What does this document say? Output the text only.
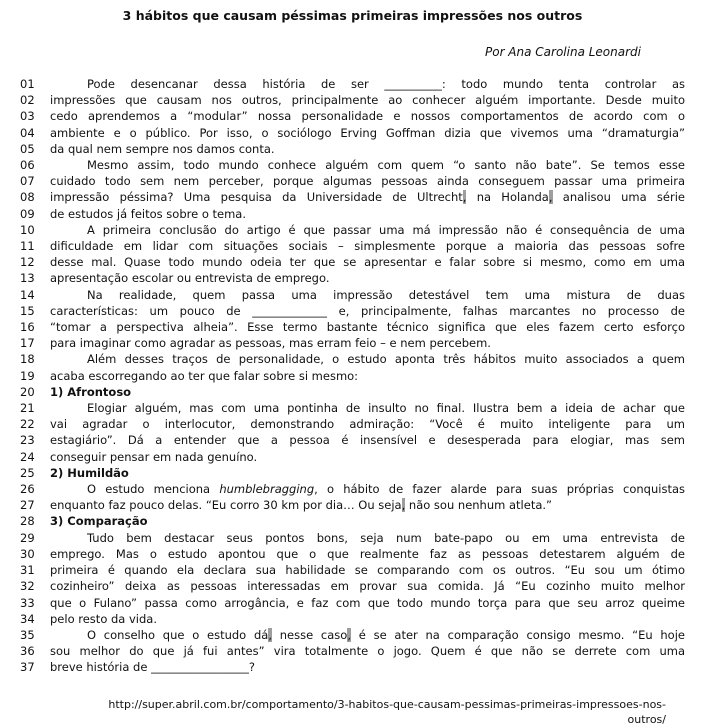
3 hábitos que causam péssimas primeiras impressões nos outros
Por Ana Carolina Leonardi
01	Pode desencanar dessa história de ser __________: todo mundo tenta controlar as
02	impressões que causam nos outros, principalmente ao conhecer alguém importante. Desde muito
03	cedo aprendemos a “modular” nossa personalidade e nossos comportamentos de acordo com o
04	ambiente e o público. Por isso, o sociólogo Erving Goffman dizia que vivemos uma “dramaturgia”
05	da qual nem sempre nos damos conta.
06	Mesmo assim, todo mundo conhece alguém com quem “o santo não bate”. Se temos esse
07	cuidado todo sem nem perceber, porque algumas pessoas ainda conseguem passar uma primeira
08	impressão péssima? Uma pesquisa da Universidade de Ultrecht, na Holanda, analisou uma série
09	de estudos já feitos sobre o tema.
10	A primeira conclusão do artigo é que passar uma má impressão não é consequência de uma
11	dificuldade em lidar com situações sociais – simplesmente porque a maioria das pessoas sofre
12	desse mal. Quase todo mundo odeia ter que se apresentar e falar sobre si mesmo, como em uma
13	apresentação escolar ou entrevista de emprego.
14	Na realidade, quem passa uma impressão detestável tem uma mistura de duas
15	características: um pouco de _____________ e, principalmente, falhas marcantes no processo de
16	“tomar a perspectiva alheia”. Esse termo bastante técnico significa que eles fazem certo esforço
17	para imaginar como agradar as pessoas, mas erram feio – e nem percebem.
18	Além desses traços de personalidade, o estudo aponta três hábitos muito associados a quem
19	acaba escorregando ao ter que falar sobre si mesmo:
20	1) Afrontoso
21	Elogiar alguém, mas com uma pontinha de insulto no final. Ilustra bem a ideia de achar que
22	vai agradar o interlocutor, demonstrando admiração: “Você é muito inteligente para um
23	estagiário”. Dá a entender que a pessoa é insensível e desesperada para elogiar, mas sem
24	conseguir pensar em nada genuíno.
25	2) Humildão
26	O estudo menciona humblebragging, o hábito de fazer alarde para suas próprias conquistas
27	enquanto faz pouco delas. “Eu corro 30 km por dia… Ou seja, não sou nenhum atleta.”
28	3) Comparação
29	Tudo bem destacar seus pontos bons, seja num bate-papo ou em uma entrevista de
30	emprego. Mas o estudo apontou que o que realmente faz as pessoas detestarem alguém de
31	primeira é quando ela declara sua habilidade se comparando com os outros. “Eu sou um ótimo
32	cozinheiro” deixa as pessoas interessadas em provar sua comida. Já “Eu cozinho muito melhor
33	que o Fulano” passa como arrogância, e faz com que todo mundo torça para que seu arroz queime
34	pelo resto da vida.
35	O conselho que o estudo dá, nesse caso, é se ater na comparação consigo mesmo. “Eu hoje
36	sou melhor do que já fui antes” vira totalmente o jogo. Quem é que não se derrete com uma
37	breve história de _________________?
http://super.abril.com.br/comportamento/3-habitos-que-causam-pessimas-primeiras-impressoes-nos-
outros/
